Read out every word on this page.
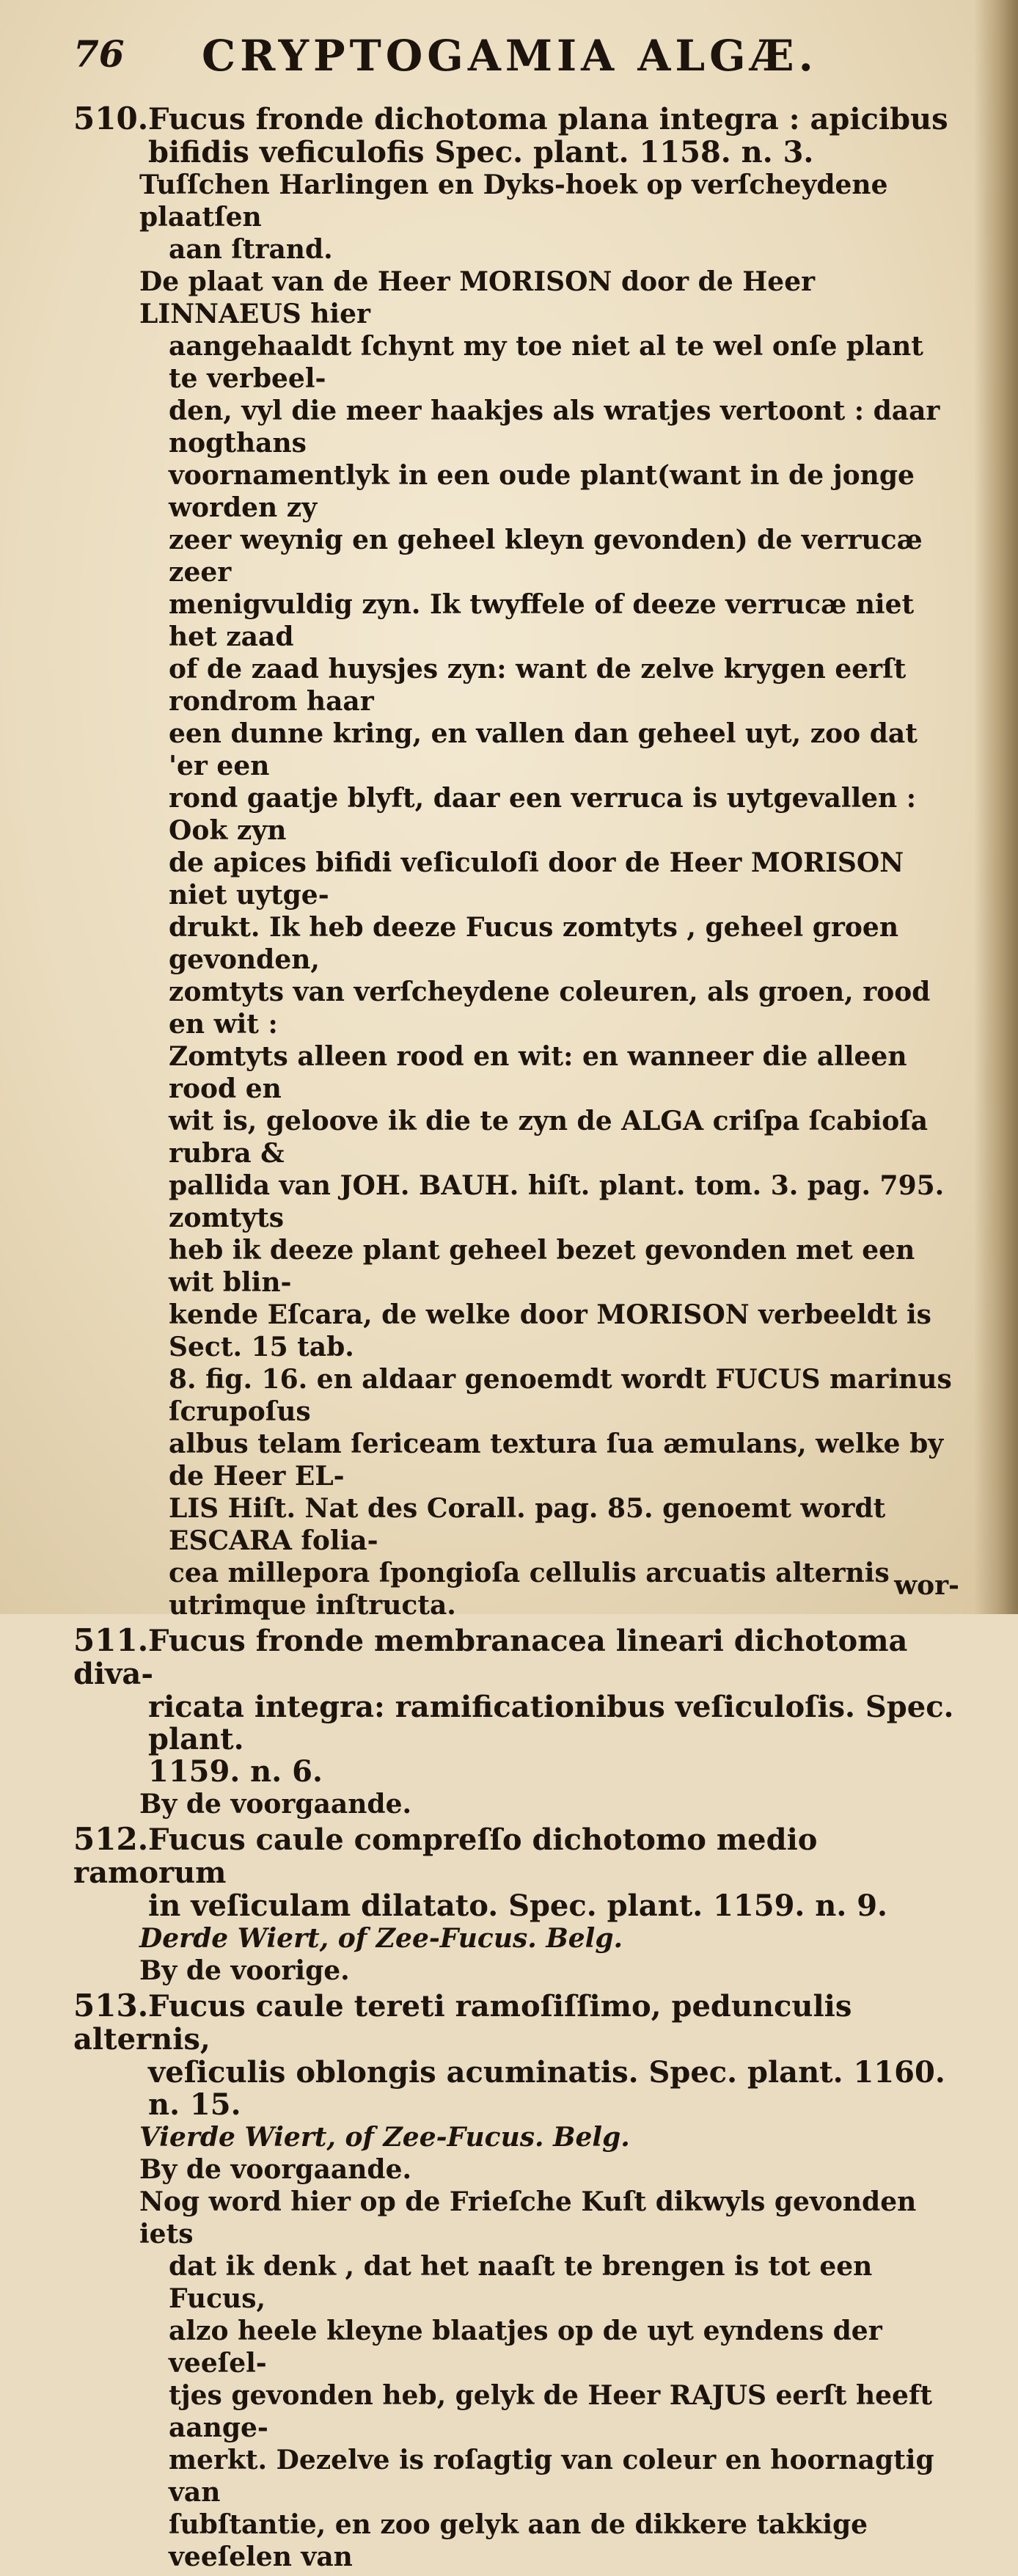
76 CRYPTOGAMIA ALGÆ.
510.Fucus fronde dichotoma plana integra : apicibus
bifidis veficulofis Spec. plant. 1158. n. 3.
Tuſſchen Harlingen en Dyks-hoek op verſcheydene plaatſen
aan ſtrand.
De plaat van de Heer MORISON door de Heer LINNAEUS hier
aangehaaldt ſchynt my toe niet al te wel onſe plant te verbeel-
den, vyl die meer haakjes als wratjes vertoont : daar nogthans
voornamentlyk in een oude plant(want in de jonge worden zy
zeer weynig en geheel kleyn gevonden) de verrucæ zeer
menigvuldig zyn. Ik twyffele of deeze verrucæ niet het zaad
of de zaad huysjes zyn: want de zelve krygen eerſt rondrom haar
een dunne kring, en vallen dan geheel uyt, zoo dat 'er een
rond gaatje blyft, daar een verruca is uytgevallen : Ook zyn
de apices bifidi veſiculoſi door de Heer MORISON niet uytge-
drukt. Ik heb deeze Fucus zomtyts , geheel groen gevonden,
zomtyts van verſcheydene coleuren, als groen, rood en wit :
Zomtyts alleen rood en wit: en wanneer die alleen rood en
wit is, geloove ik die te zyn de ALGA criſpa ſcabioſa rubra &
pallida van JOH. BAUH. hiſt. plant. tom. 3. pag. 795. zomtyts
heb ik deeze plant geheel bezet gevonden met een wit blin-
kende Eſcara, de welke door MORISON verbeeldt is Sect. 15 tab.
8. fig. 16. en aldaar genoemdt wordt FUCUS marinus ſcrupoſus
albus telam ſericeam textura ſua æmulans, welke by de Heer EL-
LIS Hiſt. Nat des Corall. pag. 85. genoemt wordt ESCARA folia-
cea millepora ſpongioſa cellulis arcuatis alternis utrimque inſtructa.
511.Fucus fronde membranacea lineari dichotoma diva-
ricata integra: ramificationibus veſiculoſis. Spec. plant.
1159. n. 6.
By de voorgaande.
512.Fucus caule compreſſo dichotomo medio ramorum
in veſiculam dilatato. Spec. plant. 1159. n. 9.
Derde Wiert, of Zee-Fucus. Belg.
By de voorige.
513.Fucus caule tereti ramoſiſſimo, pedunculis alternis,
veſiculis oblongis acuminatis. Spec. plant. 1160. n. 15.
Vierde Wiert, of Zee-Fucus. Belg.
By de voorgaande.
Nog word hier op de Frieſche Kuſt dikwyls gevonden iets
dat ik denk , dat het naaſt te brengen is tot een Fucus,
alzo heele kleyne blaatjes op de uyt eyndens der veeſel-
tjes gevonden heb, gelyk de Heer RAJUS eerſt heeft aange-
merkt. Dezelve is roſagtig van coleur en hoornagtig van
ſubſtantie, en zoo gelyk aan de dikkere takkige veeſelen van
wor-
